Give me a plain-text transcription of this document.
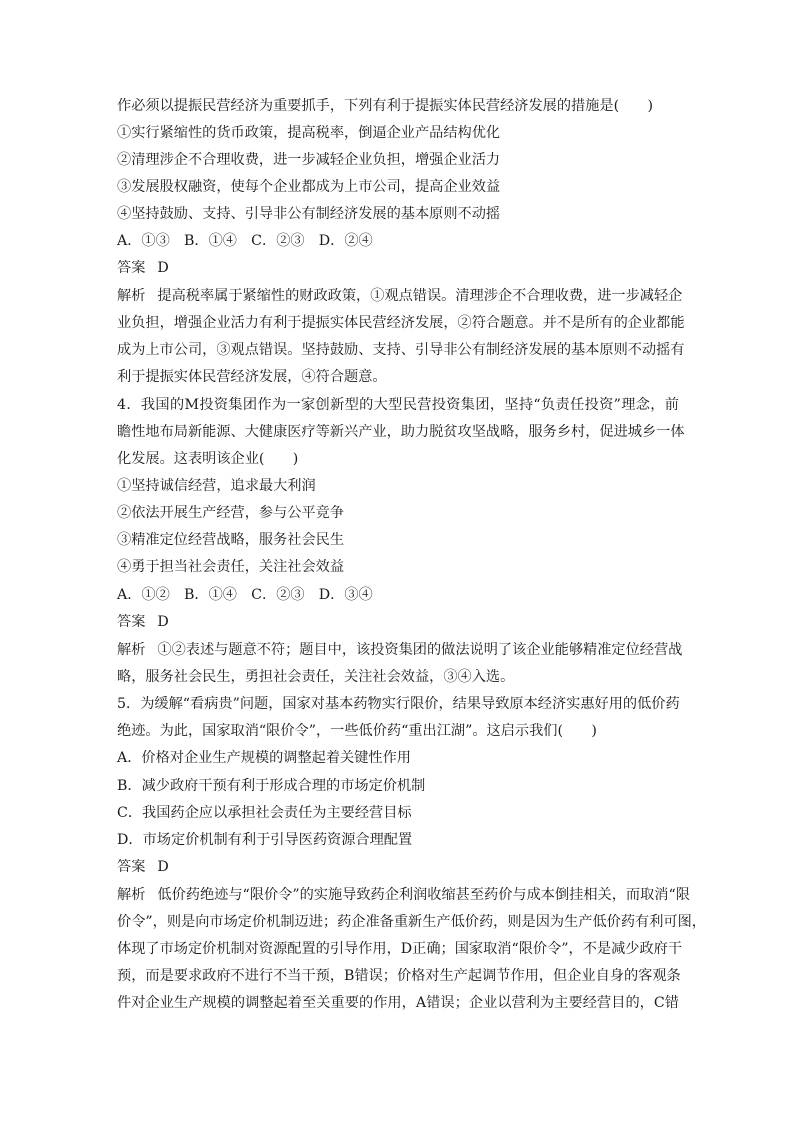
作必须以提振民营经济为重要抓手，下列有利于提振实体民营经济发展的措施是(　　)
①实行紧缩性的货币政策，提高税率，倒逼企业产品结构优化
②清理涉企不合理收费，进一步减轻企业负担，增强企业活力
③发展股权融资，使每个企业都成为上市公司，提高企业效益
④坚持鼓励、支持、引导非公有制经济发展的基本原则不动摇
A．①③　B．①④　C．②③　D．②④
答案 D
解析 提高税率属于紧缩性的财政政策，①观点错误。清理涉企不合理收费，进一步减轻企
业负担，增强企业活力有利于提振实体民营经济发展，②符合题意。并不是所有的企业都能
成为上市公司，③观点错误。坚持鼓励、支持、引导非公有制经济发展的基本原则不动摇有
利于提振实体民营经济发展，④符合题意。
4．我国的M投资集团作为一家创新型的大型民营投资集团，坚持“负责任投资”理念，前
瞻性地布局新能源、大健康医疗等新兴产业，助力脱贫攻坚战略，服务乡村，促进城乡一体
化发展。这表明该企业(　　)
①坚持诚信经营，追求最大利润
②依法开展生产经营，参与公平竞争
③精准定位经营战略，服务社会民生
④勇于担当社会责任，关注社会效益
A．①②　B．①④　C．②③　D．③④
答案 D
解析 ①②表述与题意不符；题目中，该投资集团的做法说明了该企业能够精准定位经营战
略，服务社会民生，勇担社会责任，关注社会效益，③④入选。
5．为缓解“看病贵”问题，国家对基本药物实行限价，结果导致原本经济实惠好用的低价药
绝迹。为此，国家取消“限价令”，一些低价药“重出江湖”。这启示我们(　　)
A．价格对企业生产规模的调整起着关键性作用
B．减少政府干预有利于形成合理的市场定价机制
C．我国药企应以承担社会责任为主要经营目标
D．市场定价机制有利于引导医药资源合理配置
答案 D
解析 低价药绝迹与“限价令”的实施导致药企利润收缩甚至药价与成本倒挂相关，而取消“限
价令”，则是向市场定价机制迈进；药企准备重新生产低价药，则是因为生产低价药有利可图，
体现了市场定价机制对资源配置的引导作用，D正确；国家取消“限价令”，不是减少政府干
预，而是要求政府不进行不当干预，B错误；价格对生产起调节作用，但企业自身的客观条
件对企业生产规模的调整起着至关重要的作用，A错误；企业以营利为主要经营目的，C错
